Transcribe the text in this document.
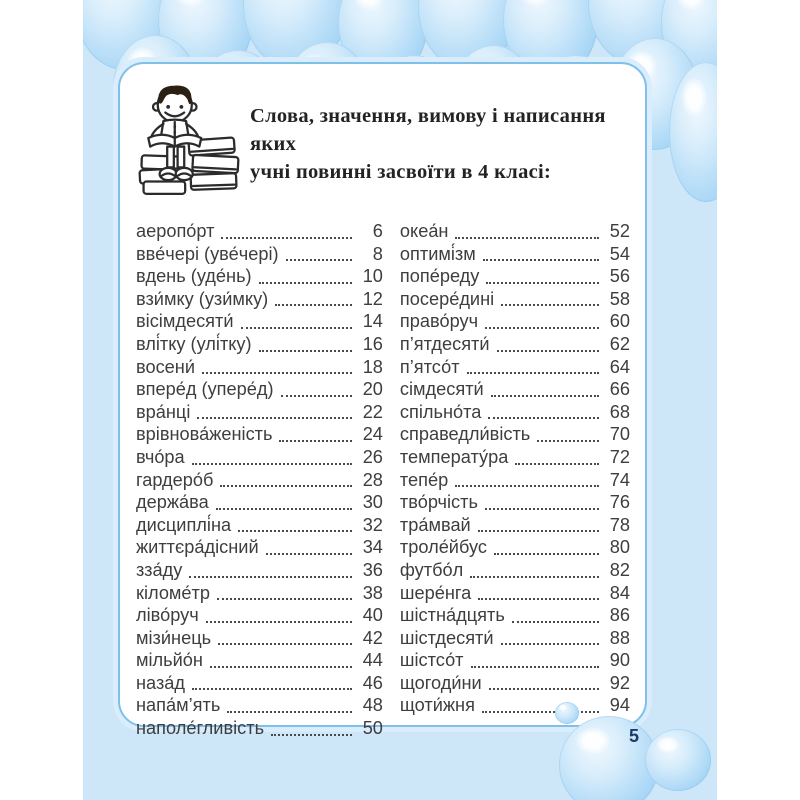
Слова, значення, вимову і написання яких
учні повинні засвоїти в 4 класі:
аеропо́рт	6
вве́чері (уве́чері)	8
вдень (уде́нь)	10
взи́мку (узи́мку)	12
вісімдесяти́	14
влі́тку (улі́тку)	16
восени́	18
впере́д (упере́д)	20
вра́нці	22
врівнова́женість	24
вчо́ра	26
гардеро́б	28
держа́ва	30
дисциплі́на	32
життєра́дісний	34
зза́ду	36
кіломе́тр	38
ліво́руч	40
мізи́нець	42
мільйо́н	44
наза́д	46
напа́м’ять	48
наполе́гливість	50
океа́н	52
оптимі́зм	54
попе́реду	56
посере́дині	58
право́руч	60
п’ятдесяти́	62
п’ятсо́т	64
сімдесяти́	66
спільно́та	68
справедли́вість	70
температу́ра	72
тепе́р	74
тво́рчість	76
тра́мвай	78
троле́йбус	80
футбо́л	82
шере́нга	84
шістна́дцять	86
шістдесяти́	88
шістсо́т	90
щогоди́ни	92
щоти́жня	94
5
